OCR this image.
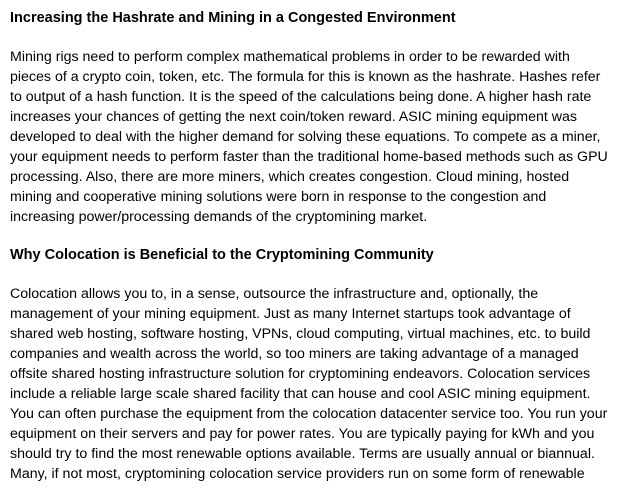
Increasing the Hashrate and Mining in a Congested Environment
Mining rigs need to perform complex mathematical problems in order to be rewarded with
pieces of a crypto coin, token, etc. The formula for this is known as the hashrate. Hashes refer
to output of a hash function. It is the speed of the calculations being done. A higher hash rate
increases your chances of getting the next coin/token reward. ASIC mining equipment was
developed to deal with the higher demand for solving these equations. To compete as a miner,
your equipment needs to perform faster than the traditional home-based methods such as GPU
processing. Also, there are more miners, which creates congestion. Cloud mining, hosted
mining and cooperative mining solutions were born in response to the congestion and
increasing power/processing demands of the cryptomining market.
Why Colocation is Beneficial to the Cryptomining Community
Colocation allows you to, in a sense, outsource the infrastructure and, optionally, the
management of your mining equipment. Just as many Internet startups took advantage of
shared web hosting, software hosting, VPNs, cloud computing, virtual machines, etc. to build
companies and wealth across the world, so too miners are taking advantage of a managed
offsite shared hosting infrastructure solution for cryptomining endeavors. Colocation services
include a reliable large scale shared facility that can house and cool ASIC mining equipment.
You can often purchase the equipment from the colocation datacenter service too. You run your
equipment on their servers and pay for power rates. You are typically paying for kWh and you
should try to find the most renewable options available. Terms are usually annual or biannual.
Many, if not most, cryptomining colocation service providers run on some form of renewable
